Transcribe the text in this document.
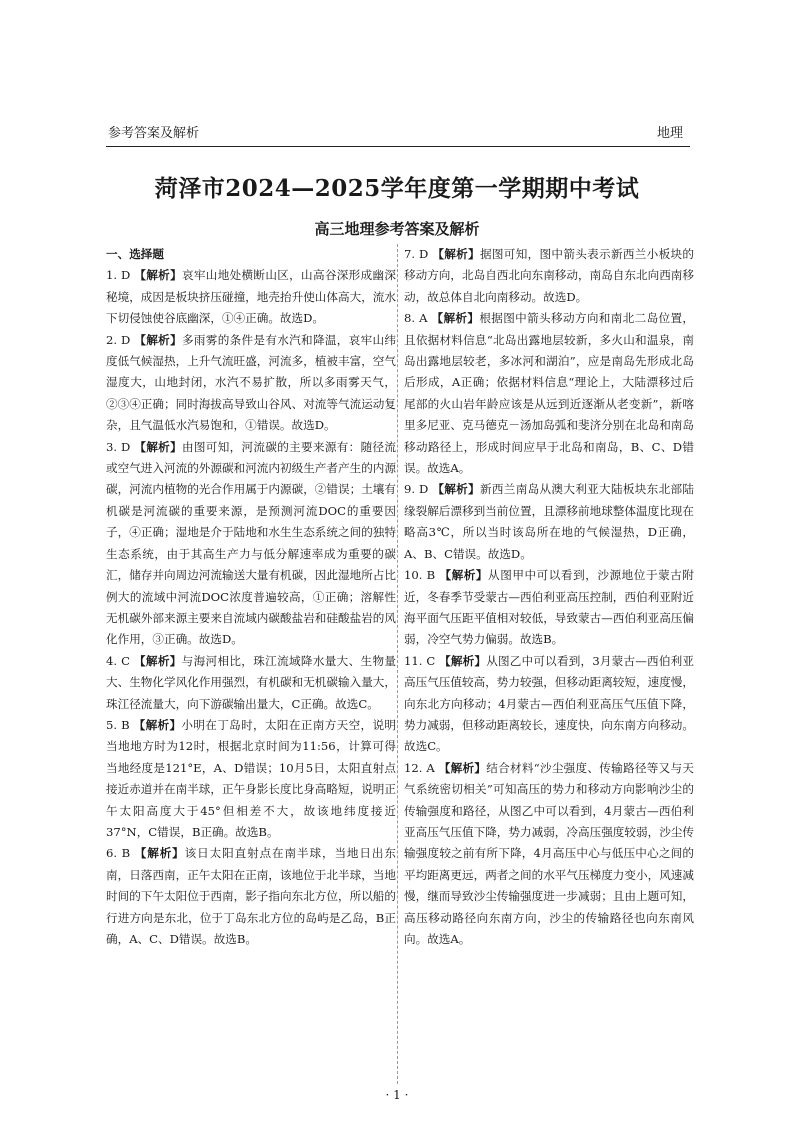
参考答案及解析	地理
菏泽市2024—2025学年度第一学期期中考试
高三地理参考答案及解析
一、选择题

1. D 【解析】哀牢山地处横断山区，山高谷深形成幽深秘境，成因是板块挤压碰撞，地壳抬升使山体高大，流水下切侵蚀使谷底幽深，①④正确。故选D。

2. D 【解析】多雨雾的条件是有水汽和降温，哀牢山纬度低气候湿热，上升气流旺盛，河流多，植被丰富，空气湿度大，山地封闭，水汽不易扩散，所以多雨雾天气，②③④正确；同时海拔高导致山谷风、对流等气流运动复杂，且气温低水汽易饱和，①错误。故选D。

3. D 【解析】由图可知，河流碳的主要来源有：随径流或空气进入河流的外源碳和河流内初级生产者产生的内源碳，河流内植物的光合作用属于内源碳，②错误；土壤有机碳是河流碳的重要来源，是预测河流DOC的重要因子，④正确；湿地是介于陆地和水生生态系统之间的独特生态系统，由于其高生产力与低分解速率成为重要的碳汇，储存并向周边河流输送大量有机碳，因此湿地所占比例大的流域中河流DOC浓度普遍较高，①正确；溶解性无机碳外部来源主要来自流域内碳酸盐岩和硅酸盐岩的风化作用，③正确。故选D。

4. C 【解析】与海河相比，珠江流域降水量大、生物量大、生物化学风化作用强烈，有机碳和无机碳输入量大，珠江径流量大，向下游碳输出量大，C正确。故选C。

5. B 【解析】小明在丁岛时，太阳在正南方天空，说明当地地方时为12时，根据北京时间为11:56，计算可得当地经度是121°E，A、D错误；10月5日，太阳直射点接近赤道并在南半球，正午身影长度比身高略短，说明正午太阳高度大于45°但相差不大，故该地纬度接近37°N，C错误，B正确。故选B。

6. B 【解析】该日太阳直射点在南半球，当地日出东南，日落西南，正午太阳在正南，该地位于北半球，当地时间的下午太阳位于西南，影子指向东北方位，所以船的行进方向是东北，位于丁岛东北方位的岛屿是乙岛，B正确，A、C、D错误。故选B。

7. D 【解析】据图可知，图中箭头表示新西兰小板块的移动方向，北岛自西北向东南移动，南岛自东北向西南移动，故总体自北向南移动。故选D。

8. A 【解析】根据图中箭头移动方向和南北二岛位置，且依据材料信息“北岛出露地层较新，多火山和温泉，南岛出露地层较老，多冰河和湖泊”，应是南岛先形成北岛后形成，A正确；依据材料信息“理论上，大陆漂移过后尾部的火山岩年龄应该是从远到近逐渐从老变新”，新喀里多尼亚、克马德克－汤加岛弧和斐济分别在北岛和南岛移动路径上，形成时间应早于北岛和南岛，B、C、D错误。故选A。

9. D 【解析】新西兰南岛从澳大利亚大陆板块东北部陆缘裂解后漂移到当前位置，且漂移前地球整体温度比现在略高3℃，所以当时该岛所在地的气候湿热，D正确，A、B、C错误。故选D。

10. B 【解析】从图甲中可以看到，沙源地位于蒙古附近，冬春季节受蒙古—西伯利亚高压控制，西伯利亚附近海平面气压距平值相对较低，导致蒙古—西伯利亚高压偏弱，冷空气势力偏弱。故选B。

11. C 【解析】从图乙中可以看到，3月蒙古—西伯利亚高压气压值较高，势力较强，但移动距离较短，速度慢，向东北方向移动；4月蒙古—西伯利亚高压气压值下降，势力减弱，但移动距离较长，速度快，向东南方向移动。故选C。

12. A 【解析】结合材料“沙尘强度、传输路径等又与天气系统密切相关”可知高压的势力和移动方向影响沙尘的传输强度和路径，从图乙中可以看到，4月蒙古—西伯利亚高压气压值下降，势力减弱，冷高压强度较弱，沙尘传输强度较之前有所下降，4月高压中心与低压中心之间的平均距离更远，两者之间的水平气压梯度力变小，风速减慢，继而导致沙尘传输强度进一步减弱；且由上题可知，高压移动路径向东南方向，沙尘的传输路径也向东南风向。故选A。

· 1 ·
